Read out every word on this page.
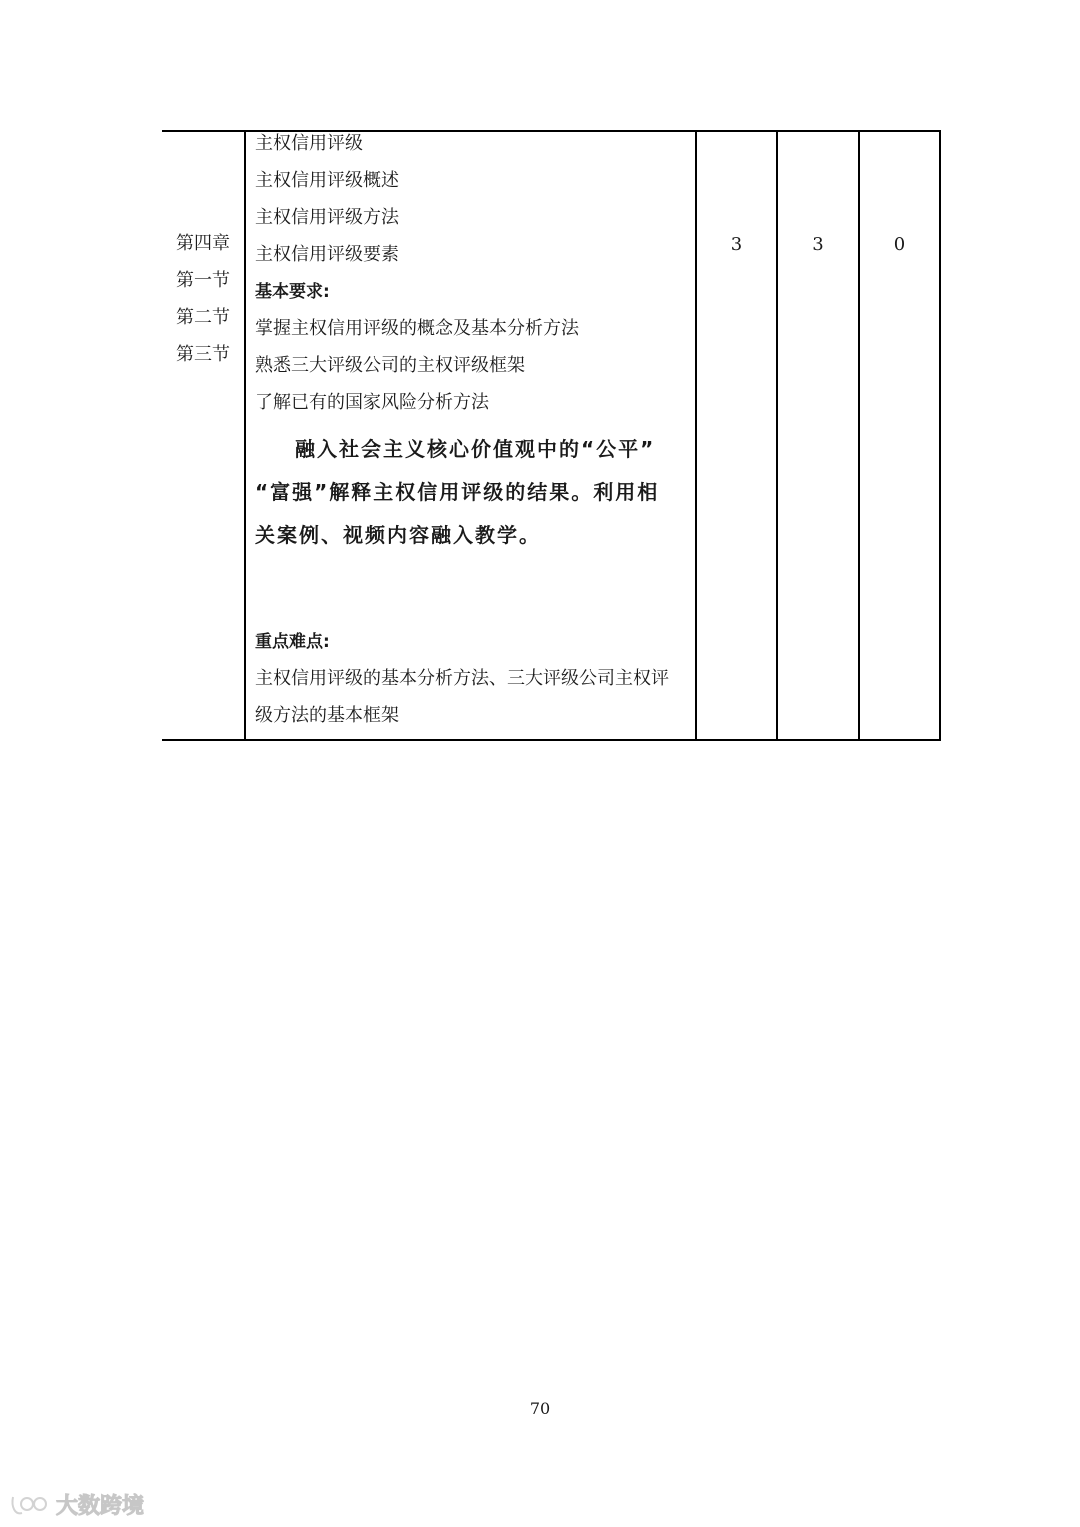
第四章
第一节
第二节
第三节
主权信用评级
主权信用评级概述
主权信用评级方法
主权信用评级要素
基本要求:
掌握主权信用评级的概念及基本分析方法
熟悉三大评级公司的主权评级框架
了解已有的国家风险分析方法
融入社会主义核心价值观中的“公平”
“富强”解释主权信用评级的结果。利用相
关案例、视频内容融入教学。
重点难点:
主权信用评级的基本分析方法、三大评级公司主权评
级方法的基本框架
3	3	0
70
大数跨境
